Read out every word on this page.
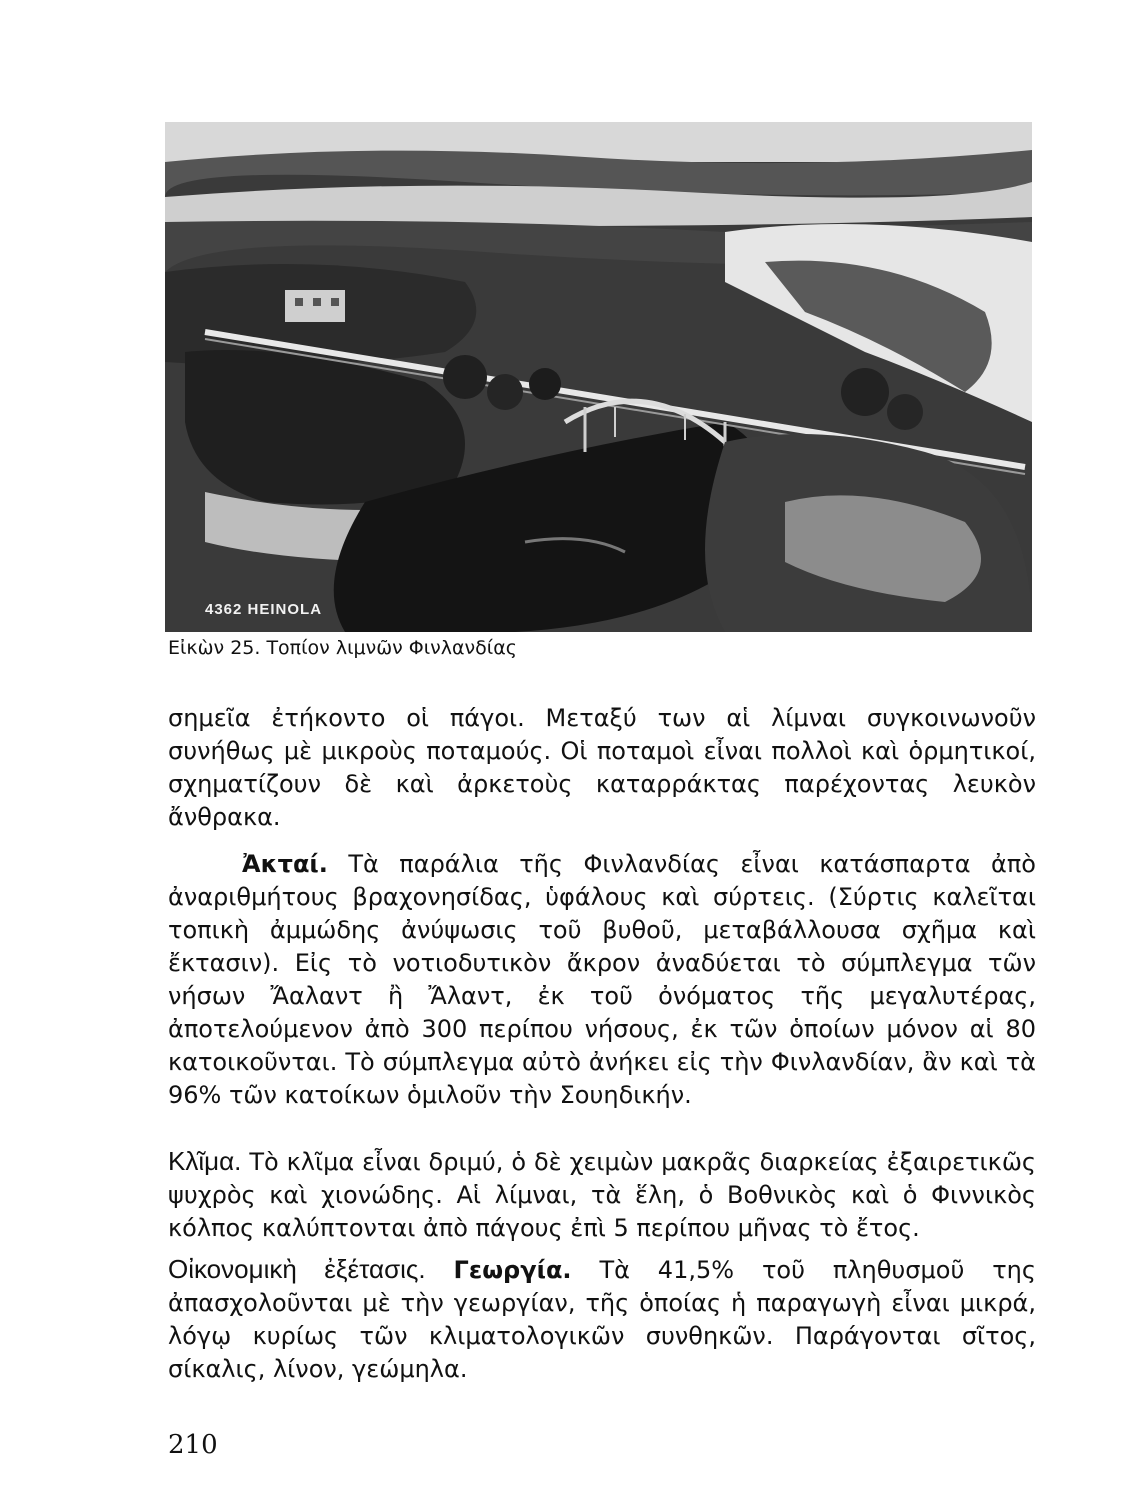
4362 HEINOLA
Εἰκὼν 25. Τοπίον λιμνῶν Φινλανδίας

σημεῖα ἐτήκοντο οἱ πάγοι. Μεταξύ των αἱ λίμναι συγκοινωνοῦν συνήθως μὲ μικροὺς ποταμούς. Οἱ ποταμοὶ εἶναι πολλοὶ καὶ ὁρμητικοί, σχηματίζουν δὲ καὶ ἀρκετοὺς καταρράκτας παρέχοντας λευκὸν ἄνθρακα.

Ἀκταί. Τὰ παράλια τῆς Φινλανδίας εἶναι κατάσπαρτα ἀπὸ ἀναριθμήτους βραχονησίδας, ὑφάλους καὶ σύρτεις. (Σύρτις καλεῖται τοπικὴ ἀμμώδης ἀνύψωσις τοῦ βυθοῦ, μεταβάλλουσα σχῆμα καὶ ἔκτασιν). Εἰς τὸ νοτιοδυτικὸν ἄκρον ἀναδύεται τὸ σύμπλεγμα τῶν νήσων Ἄαλαντ ἢ Ἄλαντ, ἐκ τοῦ ὀνόματος τῆς μεγαλυτέρας, ἀποτελούμενον ἀπὸ 300 περίπου νήσους, ἐκ τῶν ὁποίων μόνον αἱ 80 κατοικοῦνται. Τὸ σύμπλεγμα αὐτὸ ἀνήκει εἰς τὴν Φινλανδίαν, ἂν καὶ τὰ 96% τῶν κατοίκων ὁμιλοῦν τὴν Σουηδικήν.

Κλῖμα. Τὸ κλῖμα εἶναι δριμύ, ὁ δὲ χειμὼν μακρᾶς διαρκείας ἐξαιρετικῶς ψυχρὸς καὶ χιονώδης. Αἱ λίμναι, τὰ ἕλη, ὁ Βοθνικὸς καὶ ὁ Φιννικὸς κόλπος καλύπτονται ἀπὸ πάγους ἐπὶ 5 περίπου μῆνας τὸ ἔτος.

Οἰκονομικὴ ἐξέτασις. Γεωργία. Τὰ 41,5% τοῦ πληθυσμοῦ της ἀπασχολοῦνται μὲ τὴν γεωργίαν, τῆς ὁποίας ἡ παραγωγὴ εἶναι μικρά, λόγῳ κυρίως τῶν κλιματολογικῶν συνθηκῶν. Παράγονται σῖτος, σίκαλις, λίνον, γεώμηλα.

210
